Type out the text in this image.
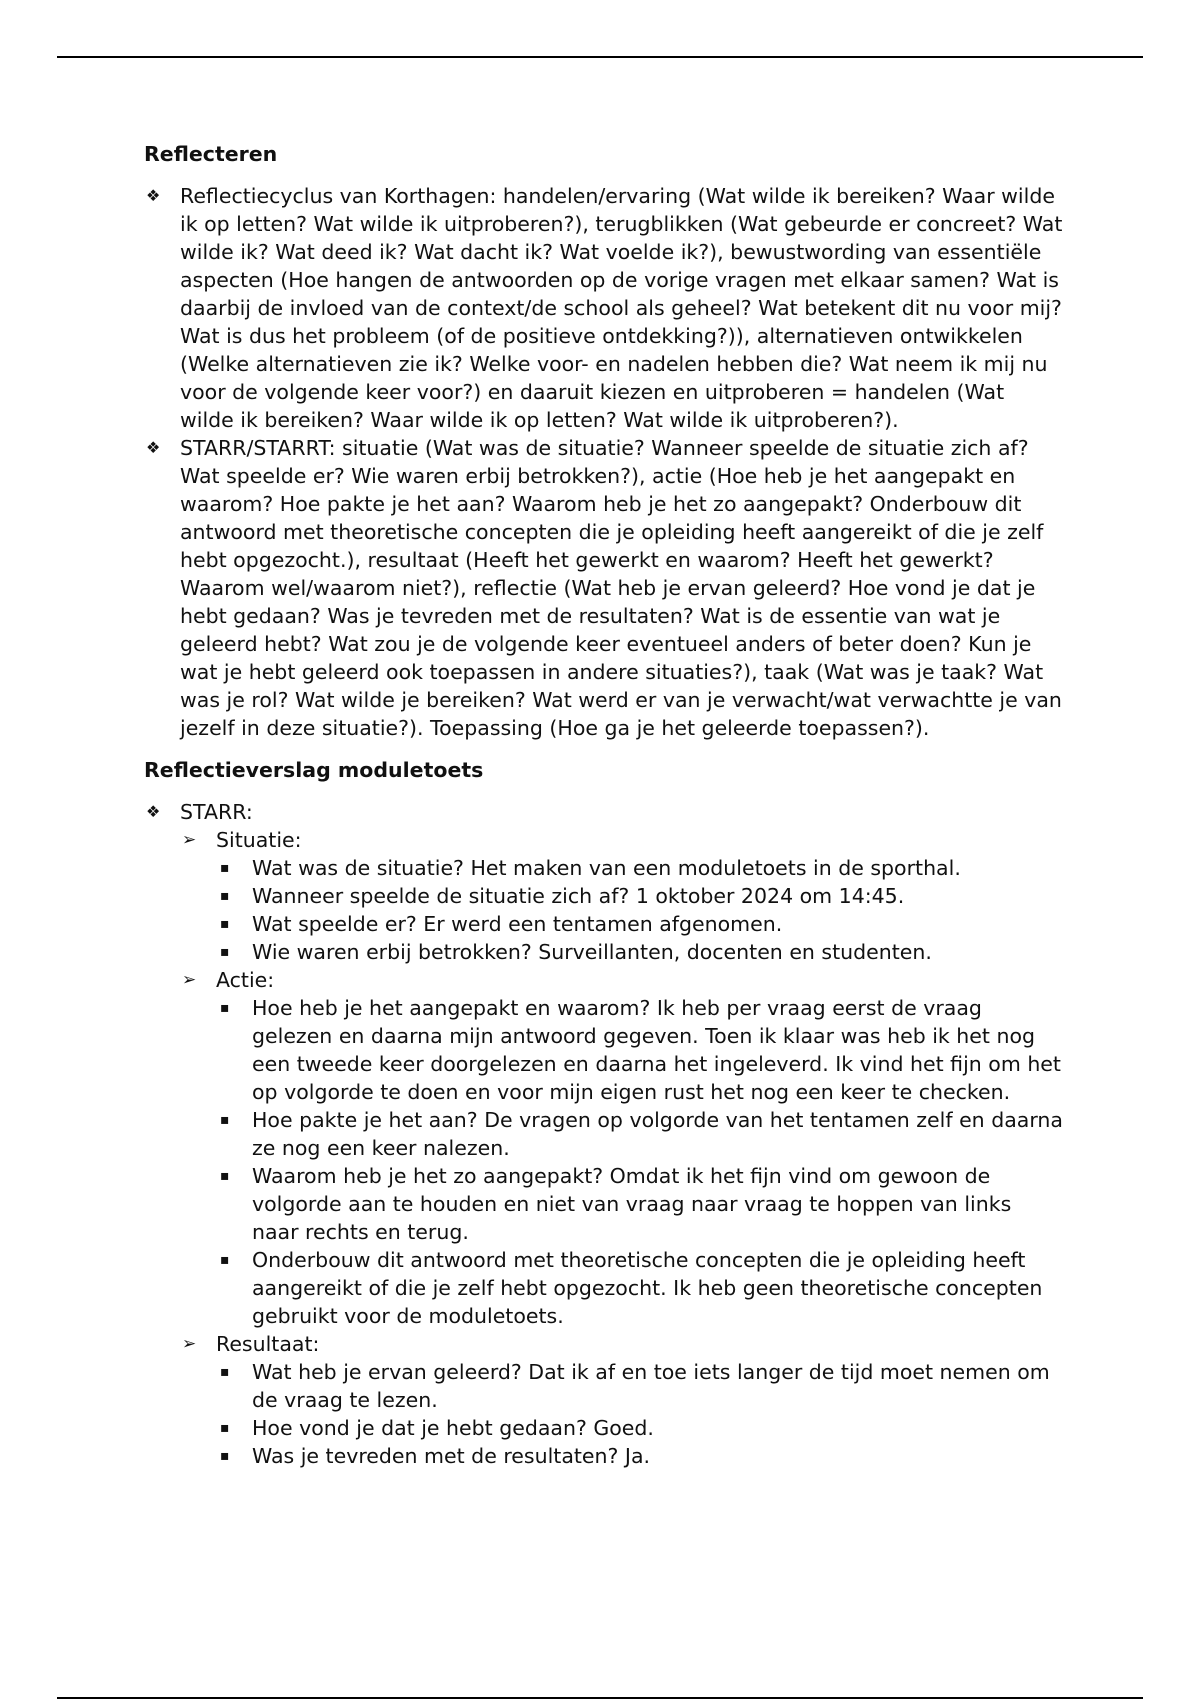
Reflecteren
❖ Reflectiecyclus van Korthagen: handelen/ervaring (Wat wilde ik bereiken? Waar wilde ik op letten? Wat wilde ik uitproberen?), terugblikken (Wat gebeurde er concreet? Wat wilde ik? Wat deed ik? Wat dacht ik? Wat voelde ik?), bewustwording van essentiële aspecten (Hoe hangen de antwoorden op de vorige vragen met elkaar samen? Wat is daarbij de invloed van de context/de school als geheel? Wat betekent dit nu voor mij? Wat is dus het probleem (of de positieve ontdekking?)), alternatieven ontwikkelen (Welke alternatieven zie ik? Welke voor- en nadelen hebben die? Wat neem ik mij nu voor de volgende keer voor?) en daaruit kiezen en uitproberen = handelen (Wat wilde ik bereiken? Waar wilde ik op letten? Wat wilde ik uitproberen?).
❖ STARR/STARRT: situatie (Wat was de situatie? Wanneer speelde de situatie zich af? Wat speelde er? Wie waren erbij betrokken?), actie (Hoe heb je het aangepakt en waarom? Hoe pakte je het aan? Waarom heb je het zo aangepakt? Onderbouw dit antwoord met theoretische concepten die je opleiding heeft aangereikt of die je zelf hebt opgezocht.), resultaat (Heeft het gewerkt en waarom? Heeft het gewerkt? Waarom wel/waarom niet?), reflectie (Wat heb je ervan geleerd? Hoe vond je dat je hebt gedaan? Was je tevreden met de resultaten? Wat is de essentie van wat je geleerd hebt? Wat zou je de volgende keer eventueel anders of beter doen? Kun je wat je hebt geleerd ook toepassen in andere situaties?), taak (Wat was je taak? Wat was je rol? Wat wilde je bereiken? Wat werd er van je verwacht/wat verwachtte je van jezelf in deze situatie?). Toepassing (Hoe ga je het geleerde toepassen?).
Reflectieverslag moduletoets
❖ STARR:
➢ Situatie:
▪ Wat was de situatie? Het maken van een moduletoets in de sporthal.
▪ Wanneer speelde de situatie zich af? 1 oktober 2024 om 14:45.
▪ Wat speelde er? Er werd een tentamen afgenomen.
▪ Wie waren erbij betrokken? Surveillanten, docenten en studenten.
➢ Actie:
▪ Hoe heb je het aangepakt en waarom? Ik heb per vraag eerst de vraag gelezen en daarna mijn antwoord gegeven. Toen ik klaar was heb ik het nog een tweede keer doorgelezen en daarna het ingeleverd. Ik vind het fijn om het op volgorde te doen en voor mijn eigen rust het nog een keer te checken.
▪ Hoe pakte je het aan? De vragen op volgorde van het tentamen zelf en daarna ze nog een keer nalezen.
▪ Waarom heb je het zo aangepakt? Omdat ik het fijn vind om gewoon de volgorde aan te houden en niet van vraag naar vraag te hoppen van links naar rechts en terug.
▪ Onderbouw dit antwoord met theoretische concepten die je opleiding heeft aangereikt of die je zelf hebt opgezocht. Ik heb geen theoretische concepten gebruikt voor de moduletoets.
➢ Resultaat:
▪ Wat heb je ervan geleerd? Dat ik af en toe iets langer de tijd moet nemen om de vraag te lezen.
▪ Hoe vond je dat je hebt gedaan? Goed.
▪ Was je tevreden met de resultaten? Ja.
